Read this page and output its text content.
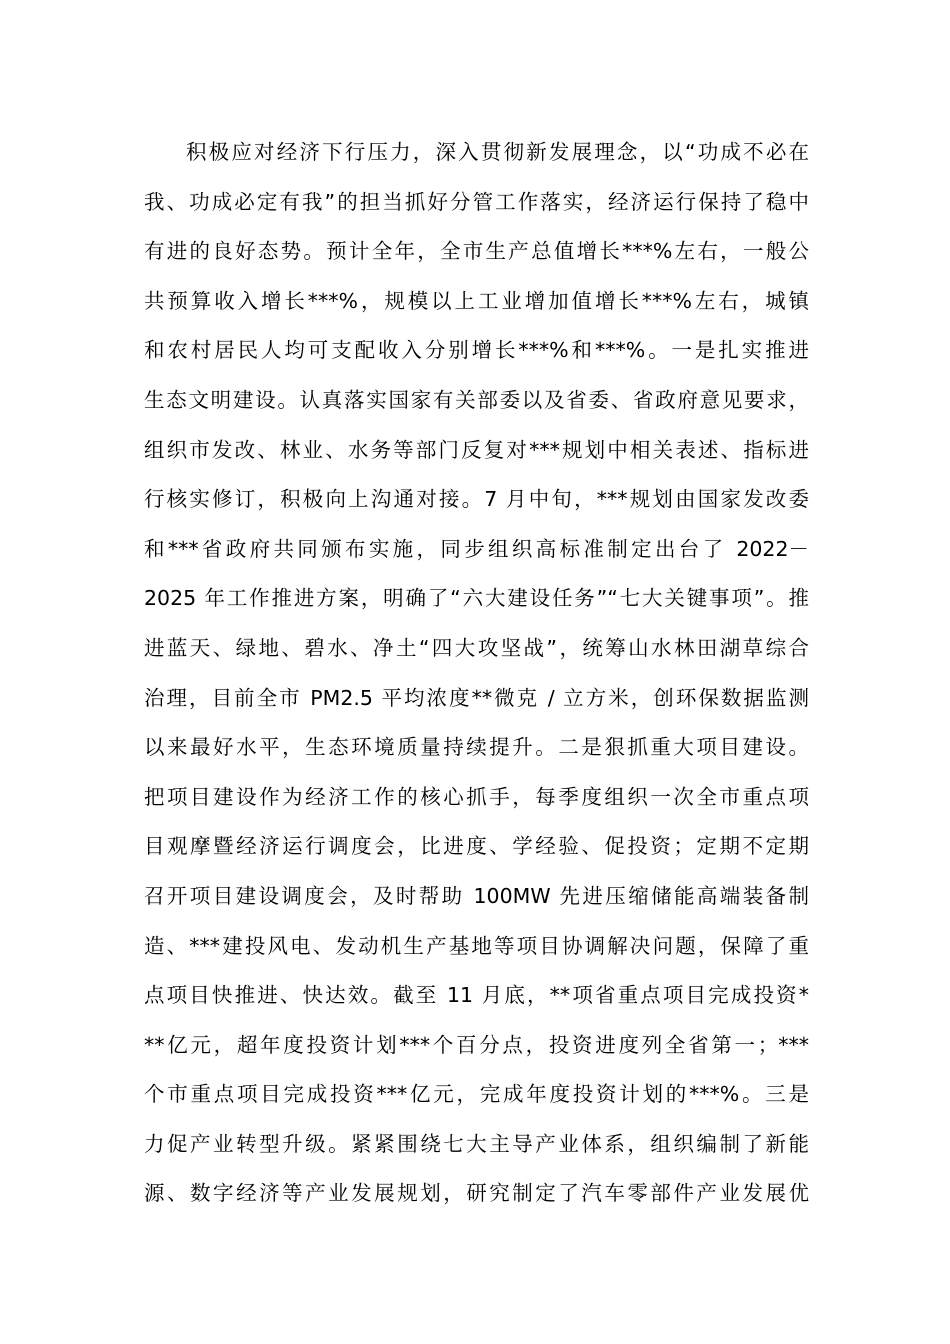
积极应对经济下行压力，深入贯彻新发展理念，以“功成不必在
我、功成必定有我”的担当抓好分管工作落实，经济运行保持了稳中
有进的良好态势。预计全年，全市生产总值增长***%左右，一般公
共预算收入增长***%，规模以上工业增加值增长***%左右，城镇
和农村居民人均可支配收入分别增长***%和***%。一是扎实推进
生态文明建设。认真落实国家有关部委以及省委、省政府意见要求，
组织市发改、林业、水务等部门反复对***规划中相关表述、指标进
行核实修订，积极向上沟通对接。7 月中旬，***规划由国家发改委
和***省政府共同颁布实施，同步组织高标准制定出台了 2022－
2025 年工作推进方案，明确了“六大建设任务”“七大关键事项”。推
进蓝天、绿地、碧水、净土“四大攻坚战”，统筹山水林田湖草综合
治理，目前全市 PM2.5 平均浓度**微克 / 立方米，创环保数据监测
以来最好水平，生态环境质量持续提升。二是狠抓重大项目建设。
把项目建设作为经济工作的核心抓手，每季度组织一次全市重点项
目观摩暨经济运行调度会，比进度、学经验、促投资；定期不定期
召开项目建设调度会，及时帮助 100MW 先进压缩储能高端装备制
造、***建投风电、发动机生产基地等项目协调解决问题，保障了重
点项目快推进、快达效。截至 11 月底，**项省重点项目完成投资*
**亿元，超年度投资计划***个百分点，投资进度列全省第一；***
个市重点项目完成投资***亿元，完成年度投资计划的***%。三是
力促产业转型升级。紧紧围绕七大主导产业体系，组织编制了新能
源、数字经济等产业发展规划，研究制定了汽车零部件产业发展优
